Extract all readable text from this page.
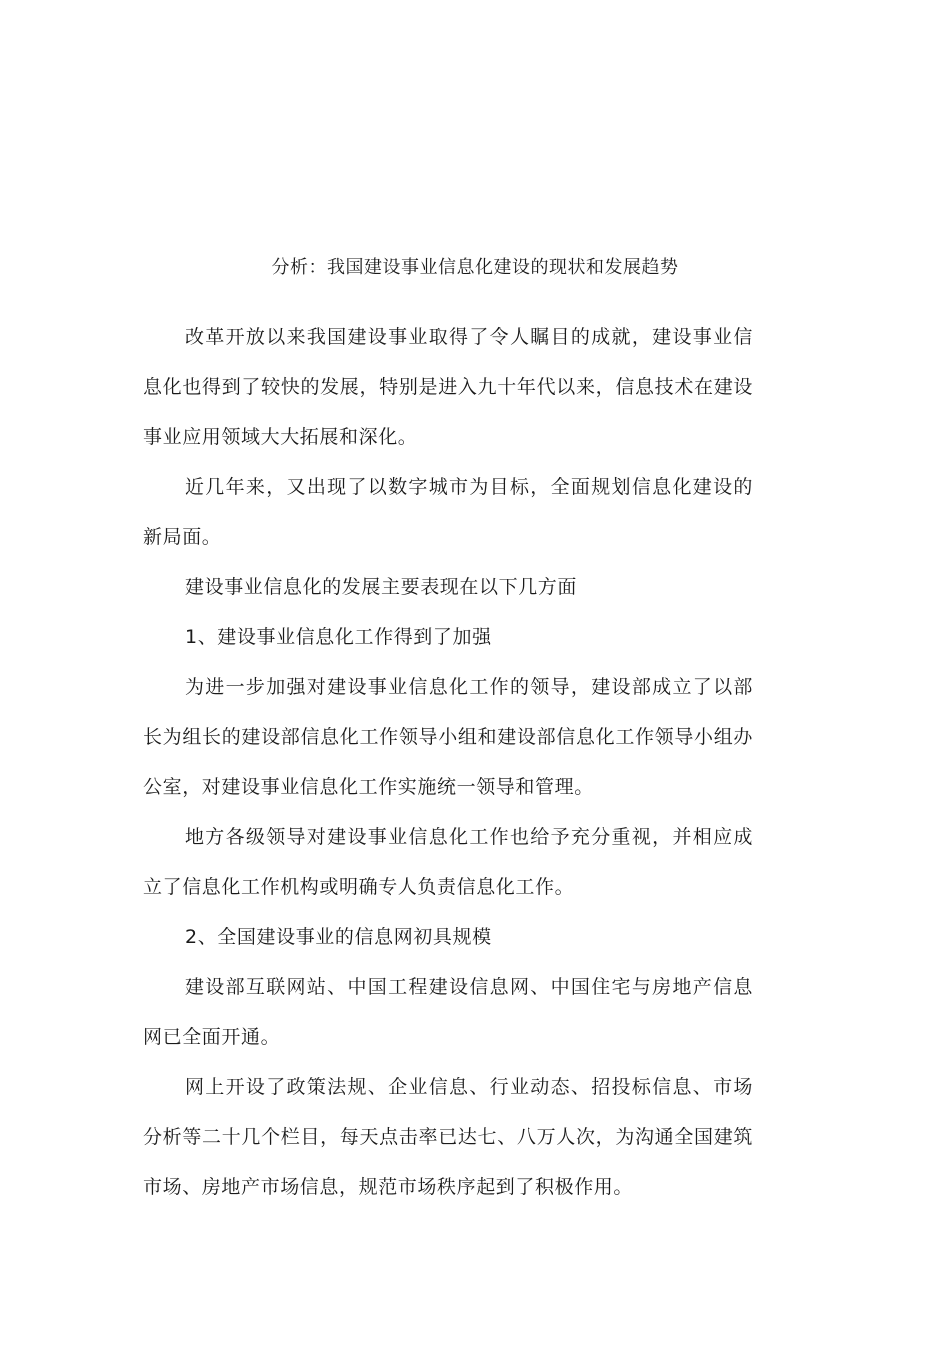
分析：我国建设事业信息化建设的现状和发展趋势

改革开放以来我国建设事业取得了令人瞩目的成就，建设事业信息化也得到了较快的发展，特别是进入九十年代以来，信息技术在建设事业应用领域大大拓展和深化。

近几年来，又出现了以数字城市为目标，全面规划信息化建设的新局面。

建设事业信息化的发展主要表现在以下几方面

1、建设事业信息化工作得到了加强

为进一步加强对建设事业信息化工作的领导，建设部成立了以部长为组长的建设部信息化工作领导小组和建设部信息化工作领导小组办公室，对建设事业信息化工作实施统一领导和管理。

地方各级领导对建设事业信息化工作也给予充分重视，并相应成立了信息化工作机构或明确专人负责信息化工作。

2、全国建设事业的信息网初具规模

建设部互联网站、中国工程建设信息网、中国住宅与房地产信息网已全面开通。

网上开设了政策法规、企业信息、行业动态、招投标信息、市场分析等二十几个栏目，每天点击率已达七、八万人次，为沟通全国建筑市场、房地产市场信息，规范市场秩序起到了积极作用。
